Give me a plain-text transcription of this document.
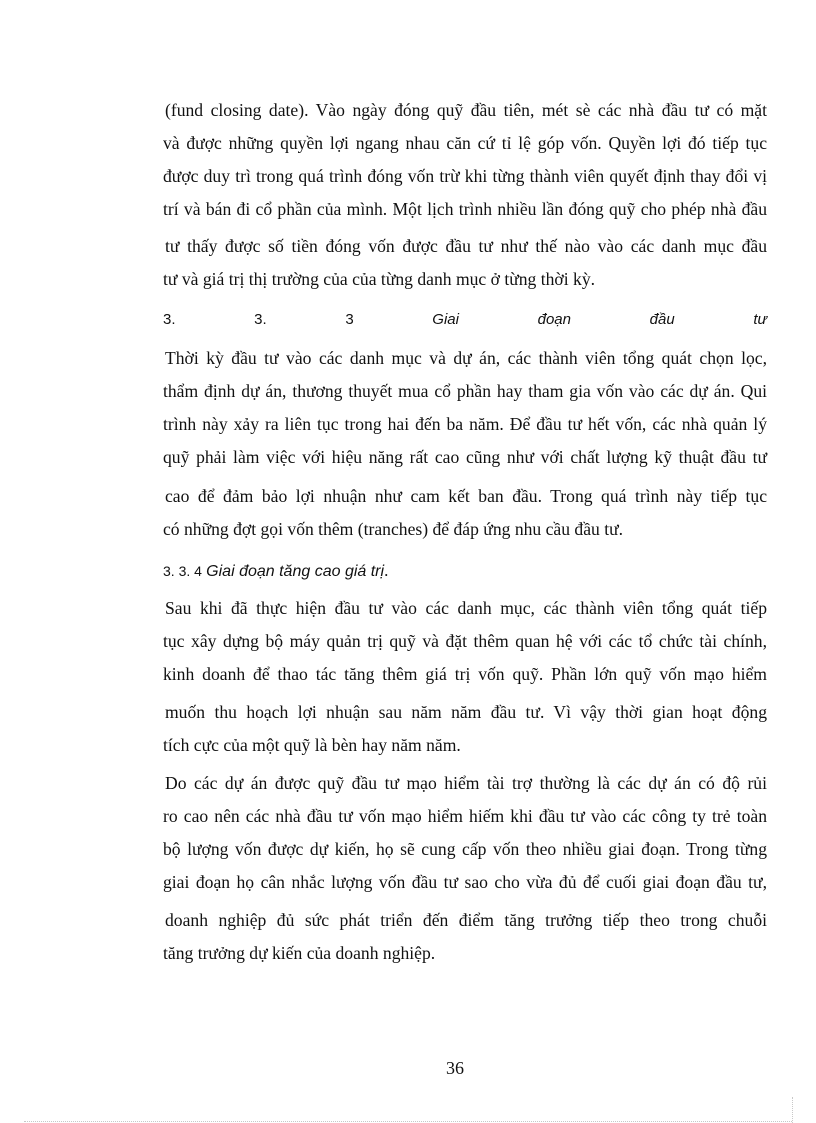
(fund closing date). Vào ngày đóng quỹ đầu tiên, mét sè các nhà đầu tư có mặt
và được những quyền lợi ngang nhau căn cứ tỉ lệ góp vốn. Quyền lợi đó tiếp tục
được duy trì trong quá trình đóng vốn trừ khi từng thành viên quyết định thay đổi vị
trí và bán đi cổ phần của mình. Một lịch trình nhiều lần đóng quỹ cho phép nhà đầu
tư thấy được số tiền đóng vốn được đầu tư như thế nào vào các danh mục đầu
tư và giá trị thị trường của của từng danh mục ở từng thời kỳ.
3.	3.	3	Giai	đoạn	đầu	tư
Thời kỳ đầu tư vào các danh mục và dự án, các thành viên tổng quát chọn lọc,
thẩm định dự án, thương thuyết mua cổ phần hay tham gia vốn vào các dự án. Qui
trình này xảy ra liên tục trong hai đến ba năm. Để đầu tư hết vốn, các nhà quản lý
quỹ phải làm việc với hiệu năng rất cao cũng như với chất lượng kỹ thuật đầu tư
cao để đảm bảo lợi nhuận như cam kết ban đầu. Trong quá trình này tiếp tục
có những đợt gọi vốn thêm (tranches) để đáp ứng nhu cầu đầu tư.
3. 3. 4 Giai đoạn tăng cao giá trị.
Sau khi đã thực hiện đầu tư vào các danh mục, các thành viên tổng quát tiếp
tục xây dựng bộ máy quản trị quỹ và đặt thêm quan hệ với các tổ chức tài chính,
kinh doanh để thao tác tăng thêm giá trị vốn quỹ. Phần lớn quỹ vốn mạo hiểm
muốn thu hoạch lợi nhuận sau năm năm đầu tư. Vì vậy thời gian hoạt động
tích cực của một quỹ là bèn hay năm năm.
Do các dự án được quỹ đầu tư mạo hiểm tài trợ thường là các dự án có độ rủi
ro cao nên các nhà đầu tư vốn mạo hiểm hiếm khi đầu tư vào các công ty trẻ toàn
bộ lượng vốn được dự kiến, họ sẽ cung cấp vốn theo nhiều giai đoạn. Trong từng
giai đoạn họ cân nhắc lượng vốn đầu tư sao cho vừa đủ để cuối giai đoạn đầu tư,
doanh nghiệp đủ sức phát triển đến điểm tăng trưởng tiếp theo trong chuỗi
tăng trưởng dự kiến của doanh nghiệp.
36
